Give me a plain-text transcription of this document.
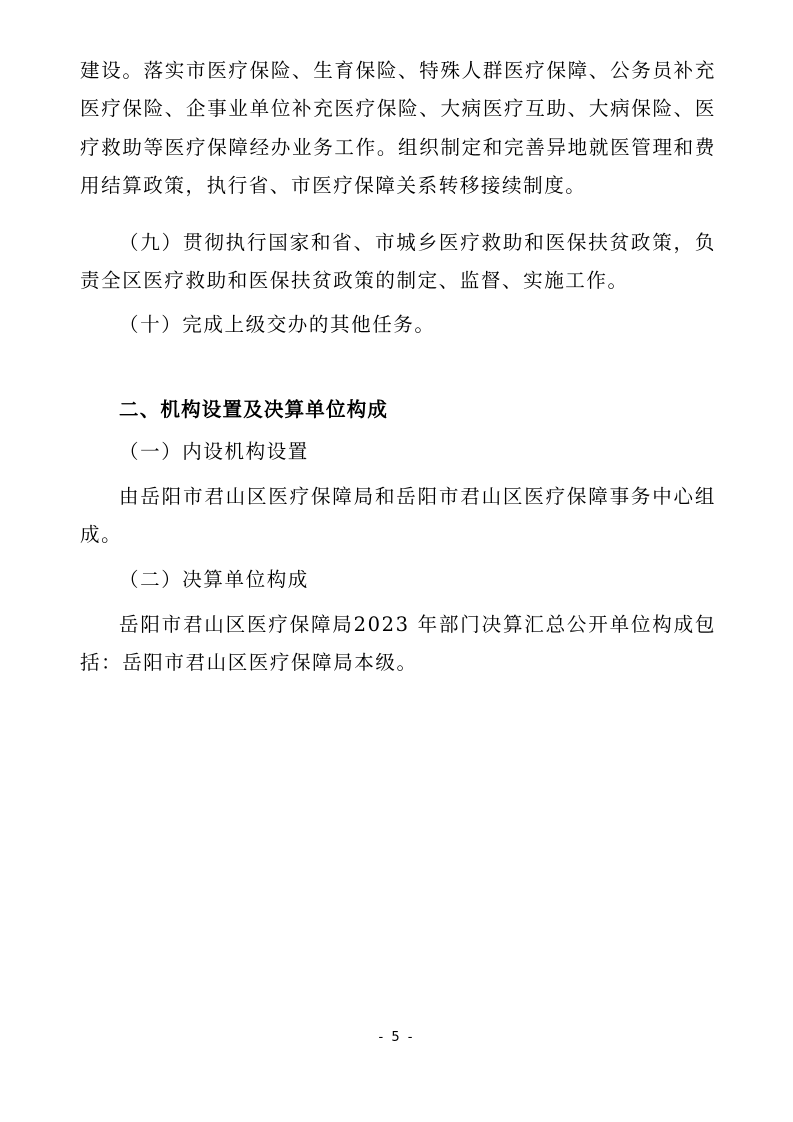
建设。落实市医疗保险、生育保险、特殊人群医疗保障、公务员补充医疗保险、企事业单位补充医疗保险、大病医疗互助、大病保险、医疗救助等医疗保障经办业务工作。组织制定和完善异地就医管理和费用结算政策，执行省、市医疗保障关系转移接续制度。
（九）贯彻执行国家和省、市城乡医疗救助和医保扶贫政策，负责全区医疗救助和医保扶贫政策的制定、监督、实施工作。
（十）完成上级交办的其他任务。
二、机构设置及决算单位构成
（一）内设机构设置
由岳阳市君山区医疗保障局和岳阳市君山区医疗保障事务中心组成。
（二）决算单位构成
岳阳市君山区医疗保障局2023 年部门决算汇总公开单位构成包括：岳阳市君山区医疗保障局本级。
- 5 -
